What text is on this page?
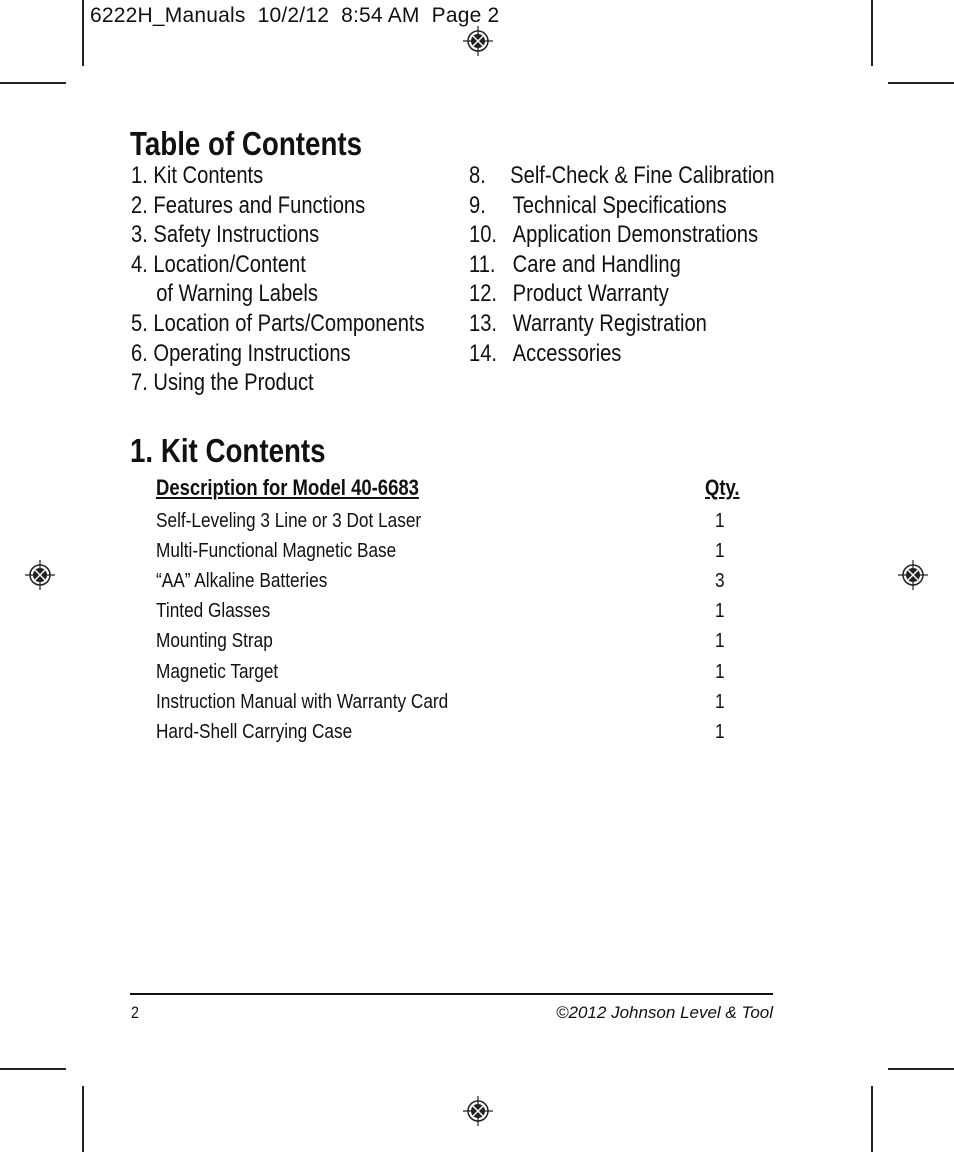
6222H_Manuals  10/2/12  8:54 AM  Page 2
Table of Contents
1. Kit Contents
2. Features and Functions
3. Safety Instructions
4. Location/Content
of Warning Labels
5. Location of Parts/Components
6. Operating Instructions
7. Using the Product
8. Self-Check & Fine Calibration
9. Technical Specifications
10. Application Demonstrations
11. Care and Handling
12. Product Warranty
13. Warranty Registration
14. Accessories
1. Kit Contents
Description for Model 40-6683	Qty.
Self-Leveling 3 Line or 3 Dot Laser	1
Multi-Functional Magnetic Base	1
“AA” Alkaline Batteries	3
Tinted Glasses	1
Mounting Strap	1
Magnetic Target	1
Instruction Manual with Warranty Card	1
Hard-Shell Carrying Case	1
2	©2012 Johnson Level & Tool
